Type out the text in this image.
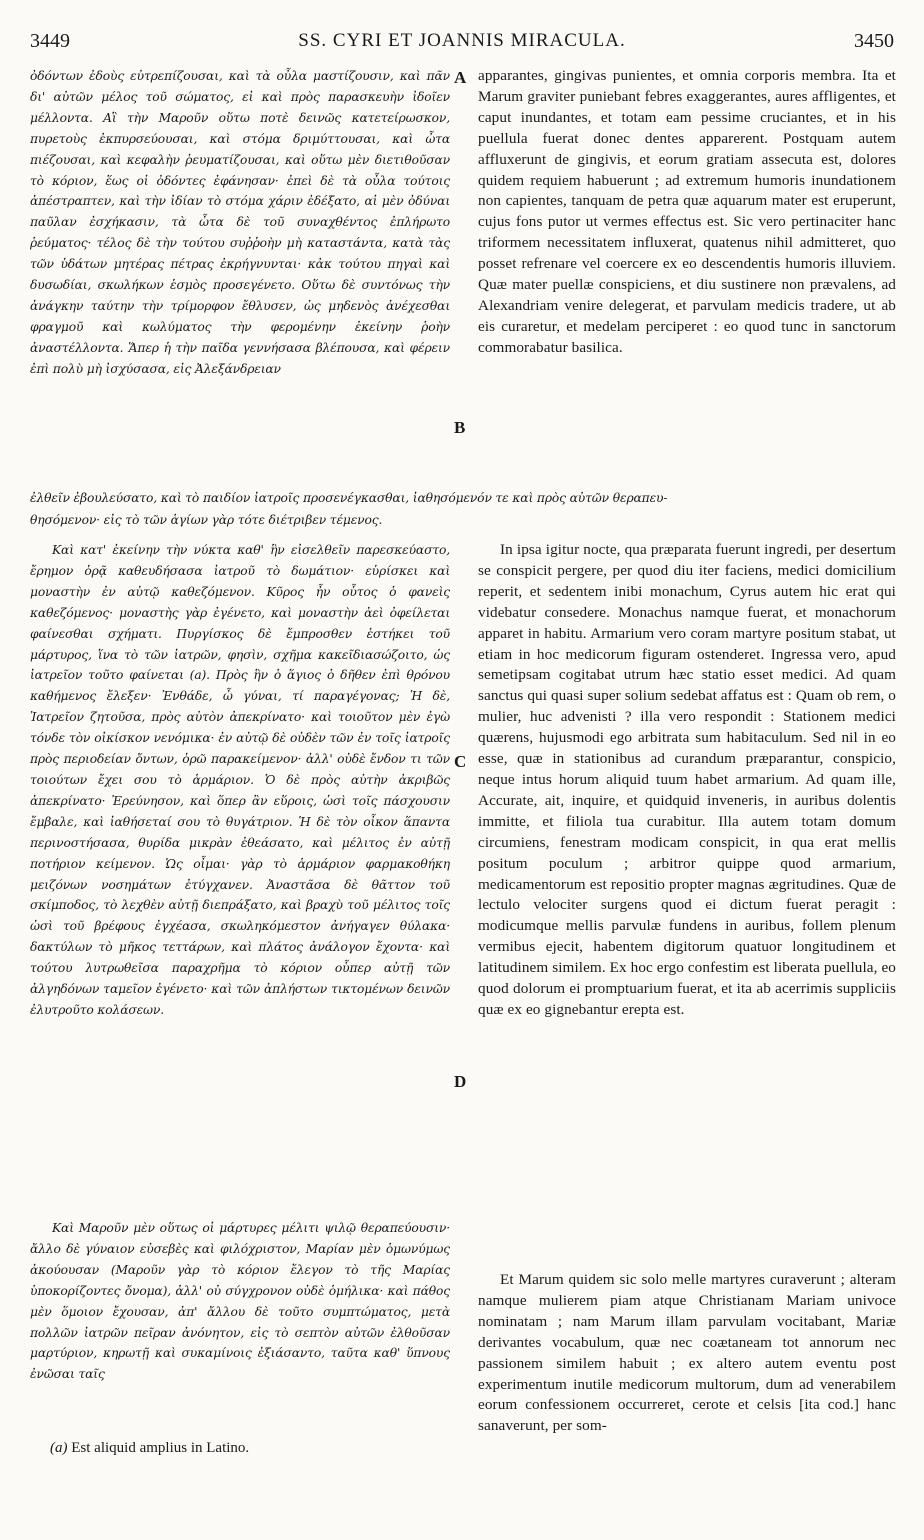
3449	SS. CYRI ET JOANNIS MIRACULA.	3450

ὀδόντων ἐδοὺς εὐτρεπίζουσαι, καὶ τὰ οὖλα μαστίζουσιν, καὶ πᾶν δι' αὐτῶν μέλος τοῦ σώματος, εἰ καὶ πρὸς παρασκευὴν ἰδοῖεν μέλλοντα. Αἳ τὴν Μαροῦν οὕτω ποτὲ δεινῶς κατετείρωσκον, πυρετοὺς ἐκπυρσεύουσαι, καὶ στόμα δριμύττουσαι, καὶ ὦτα πιέζουσαι, καὶ κεφαλὴν ῥευματίζουσαι, καὶ οὕτω μὲν διετιθοῦσαν τὸ κόριον, ἕως οἱ ὀδόντες ἐφάνησαν· ἐπεὶ δὲ τὰ οὖλα τούτοις ἀπέστραπτεν, καὶ τὴν ἰδίαν τὸ στόμα χάριν ἐδέξατο, αἱ μὲν ὀδύναι παῦλαν ἐσχήκασιν, τὰ ὦτα δὲ τοῦ συναχθέντος ἐπλήρωτο ῥεύματος· τέλος δὲ τὴν τούτου συῤῥοὴν μὴ καταστάντα, κατὰ τὰς τῶν ὑδάτων μητέρας πέτρας ἐκρήγνυνται· κἀκ τούτου πηγαὶ καὶ δυσωδίαι, σκωλήκων ἑσμὸς προσεγένετο. Οὕτω δὲ συντόνως τὴν ἀνάγκην ταύτην τὴν τρίμορφον ἔθλυσεν, ὡς μηδενὸς ἀνέχεσθαι φραγμοῦ καὶ κωλύματος τὴν φερομένην ἐκείνην ῥοὴν ἀναστέλλοντα. Ἅπερ ἡ τὴν παῖδα γεννήσασα βλέπουσα, καὶ φέρειν ἐπὶ πολὺ μὴ ἰσχύσασα, εἰς Ἀλεξάνδρειαν

apparantes, gingivas punientes, et omnia corporis membra. Ita et Marum graviter puniebant febres exaggerantes, aures affligentes, et caput inundantes, et totam eam pessime cruciantes, et in his puellula fuerat donec dentes apparerent. Postquam autem affluxerunt de gingivis, et eorum gratiam assecuta est, dolores quidem requiem habuerunt ; ad extremum humoris inundationem non capientes, tanquam de petra quæ aquarum mater est eruperunt, cujus fons putor ut vermes effectus est. Sic vero pertinaciter hanc triformem necessitatem influxerat, quatenus nihil admitteret, quo posset refrenare vel coercere ex eo descendentis humoris illuviem. Quæ mater puellæ conspiciens, et diu sustinere non prævalens, ad Alexandriam venire delegerat, et parvulam medicis tradere, ut ab eis curaretur, et medelam perciperet : eo quod tunc in sanctorum commorabatur basilica.

ἐλθεῖν ἐβουλεύσατο, καὶ τὸ παιδίον ἰατροῖς προσενέγκασθαι, ἰαθησόμενόν τε καὶ πρὸς αὐτῶν θεραπευ-
θησόμενον· εἰς τὸ τῶν ἁγίων γὰρ τότε διέτριβεν τέμενος.

Καὶ κατ' ἐκείνην τὴν νύκτα καθ' ἣν εἰσελθεῖν παρεσκεύαστο, ἔρημον ὁρᾷ καθευδήσασα ἰατροῦ τὸ δωμάτιον· εὑρίσκει καὶ μοναστὴν ἐν αὐτῷ καθεζόμενον. Κῦρος ἦν οὗτος ὁ φανεὶς καθεζόμενος· μοναστὴς γὰρ ἐγένετο, καὶ μοναστὴν ἀεὶ ὀφείλεται φαίνεσθαι σχήματι. Πυργίσκος δὲ ἔμπροσθεν ἑστήκει τοῦ μάρτυρος, ἵνα τὸ τῶν ἰατρῶν, φησὶν, σχῆμα κακεῖδιασώζοιτο, ὡς ἰατρεῖον τοῦτο φαίνεται (a). Πρὸς ἣν ὁ ἅγιος ὁ δῆθεν ἐπὶ θρόνου καθήμενος ἔλεξεν· Ἐνθάδε, ὦ γύναι, τί παραγέγονας; Ἡ δὲ, Ἰατρεῖον ζητοῦσα, πρὸς αὐτὸν ἀπεκρίνατο· καὶ τοιοῦτον μὲν ἐγὼ τόνδε τὸν οἰκίσκον νενόμικα· ἐν αὐτῷ δὲ οὐδὲν τῶν ἐν τοῖς ἰατροῖς πρὸς περιοδείαν ὄντων, ὁρῶ παρακείμενον· ἀλλ' οὐδὲ ἔνδον τι τῶν τοιούτων ἔχει σου τὸ ἁρμάριον. Ὁ δὲ πρὸς αὐτὴν ἀκριβῶς ἀπεκρίνατο· Ἐρεύνησον, καὶ ὅπερ ἂν εὕροις, ὡσὶ τοῖς πάσχουσιν ἔμβαλε, καὶ ἰαθήσεταί σου τὸ θυγάτριον. Ἡ δὲ τὸν οἶκον ἅπαντα περινοστήσασα, θυρίδα μικρὰν ἐθεάσατο, καὶ μέλιτος ἐν αὐτῇ ποτήριον κείμενον. Ὡς οἶμαι· γὰρ τὸ ἁρμάριον φαρμακοθήκη μειζόνων νοσημάτων ἐτύγχανεν. Ἀναστᾶσα δὲ θᾶττον τοῦ σκίμποδος, τὸ λεχθὲν αὐτῇ διεπράξατο, καὶ βραχὺ τοῦ μέλιτος τοῖς ὠσὶ τοῦ βρέφους ἐγχέασα, σκωληκόμεστον ἀνήγαγεν θύλακα· δακτύλων τὸ μῆκος τεττάρων, καὶ πλάτος ἀνάλογον ἔχοντα· καὶ τούτου λυτρωθεῖσα παραχρῆμα τὸ κόριον οὗπερ αὐτῇ τῶν ἀλγηδόνων ταμεῖον ἐγένετο· καὶ τῶν ἀπλήστων τικτομένων δεινῶν ἐλυτροῦτο κολάσεων.

Καὶ Μαροῦν μὲν οὕτως οἱ μάρτυρες μέλιτι ψιλῷ θεραπεύουσιν· ἄλλο δὲ γύναιον εὐσεβὲς καὶ φιλόχριστον, Μαρίαν μὲν ὁμωνύμως ἀκούουσαν (Μαροῦν γὰρ τὸ κόριον ἔλεγον τὸ τῆς Μαρίας ὑποκορίζοντες ὄνομα), ἀλλ' οὐ σύγχρονον οὐδὲ ὁμήλικα· καὶ πάθος μὲν ὅμοιον ἔχουσαν, ἀπ' ἄλλου δὲ τοῦτο συμπτώματος, μετὰ πολλῶν ἰατρῶν πεῖραν ἀνόνητον, εἰς τὸ σεπτὸν αὐτῶν ἐλθοῦσαν μαρτύριον, κηρωτῇ καὶ συκαμίνοις ἐξιάσαντο, ταῦτα καθ' ὕπνους ἐνῶσαι ταῖς

In ipsa igitur nocte, qua præparata fuerunt ingredi, per desertum se conspicit pergere, per quod diu iter faciens, medici domicilium reperit, et sedentem inibi monachum, Cyrus autem hic erat qui videbatur consedere. Monachus namque fuerat, et monachorum apparet in habitu. Armarium vero coram martyre positum stabat, ut etiam in hoc medicorum figuram ostenderet. Ingressa vero, apud semetipsam cogitabat utrum hæc statio esset medici. Ad quam sanctus qui quasi super solium sedebat affatus est : Quam ob rem, o mulier, huc advenisti ? illa vero respondit : Stationem medici quærens, hujusmodi ego arbitrata sum habitaculum. Sed nil in eo esse, quæ in stationibus ad curandum præparantur, conspicio, neque intus horum aliquid tuum habet armarium. Ad quam ille, Accurate, ait, inquire, et quidquid inveneris, in auribus dolentis immitte, et filiola tua curabitur. Illa autem totam domum circumiens, fenestram modicam conspicit, in qua erat mellis positum poculum ; arbitror quippe quod armarium, medicamentorum est repositio propter magnas ægritudines. Quæ de lectulo velociter surgens quod ei dictum fuerat peragit : modicumque mellis parvulæ fundens in auribus, follem plenum vermibus ejecit, habentem digitorum quatuor longitudinem et latitudinem similem. Ex hoc ergo confestim est liberata puellula, eo quod dolorum ei promptuarium fuerat, et ita ab acerrimis suppliciis quæ ex eo gignebantur erepta est.

Et Marum quidem sic solo melle martyres curaverunt ; alteram namque mulierem piam atque Christianam Mariam univoce nominatam ; nam Marum illam parvulam vocitabant, Mariæ derivantes vocabulum, quæ nec coætaneam tot annorum nec passionem similem habuit ; ex altero autem eventu post experimentum inutile medicorum multorum, dum ad venerabilem eorum confessionem occurreret, cerote et celsis [ita cod.] hanc sanaverunt, per som-

A
B
C
D
(a) Est aliquid amplius in Latino.
